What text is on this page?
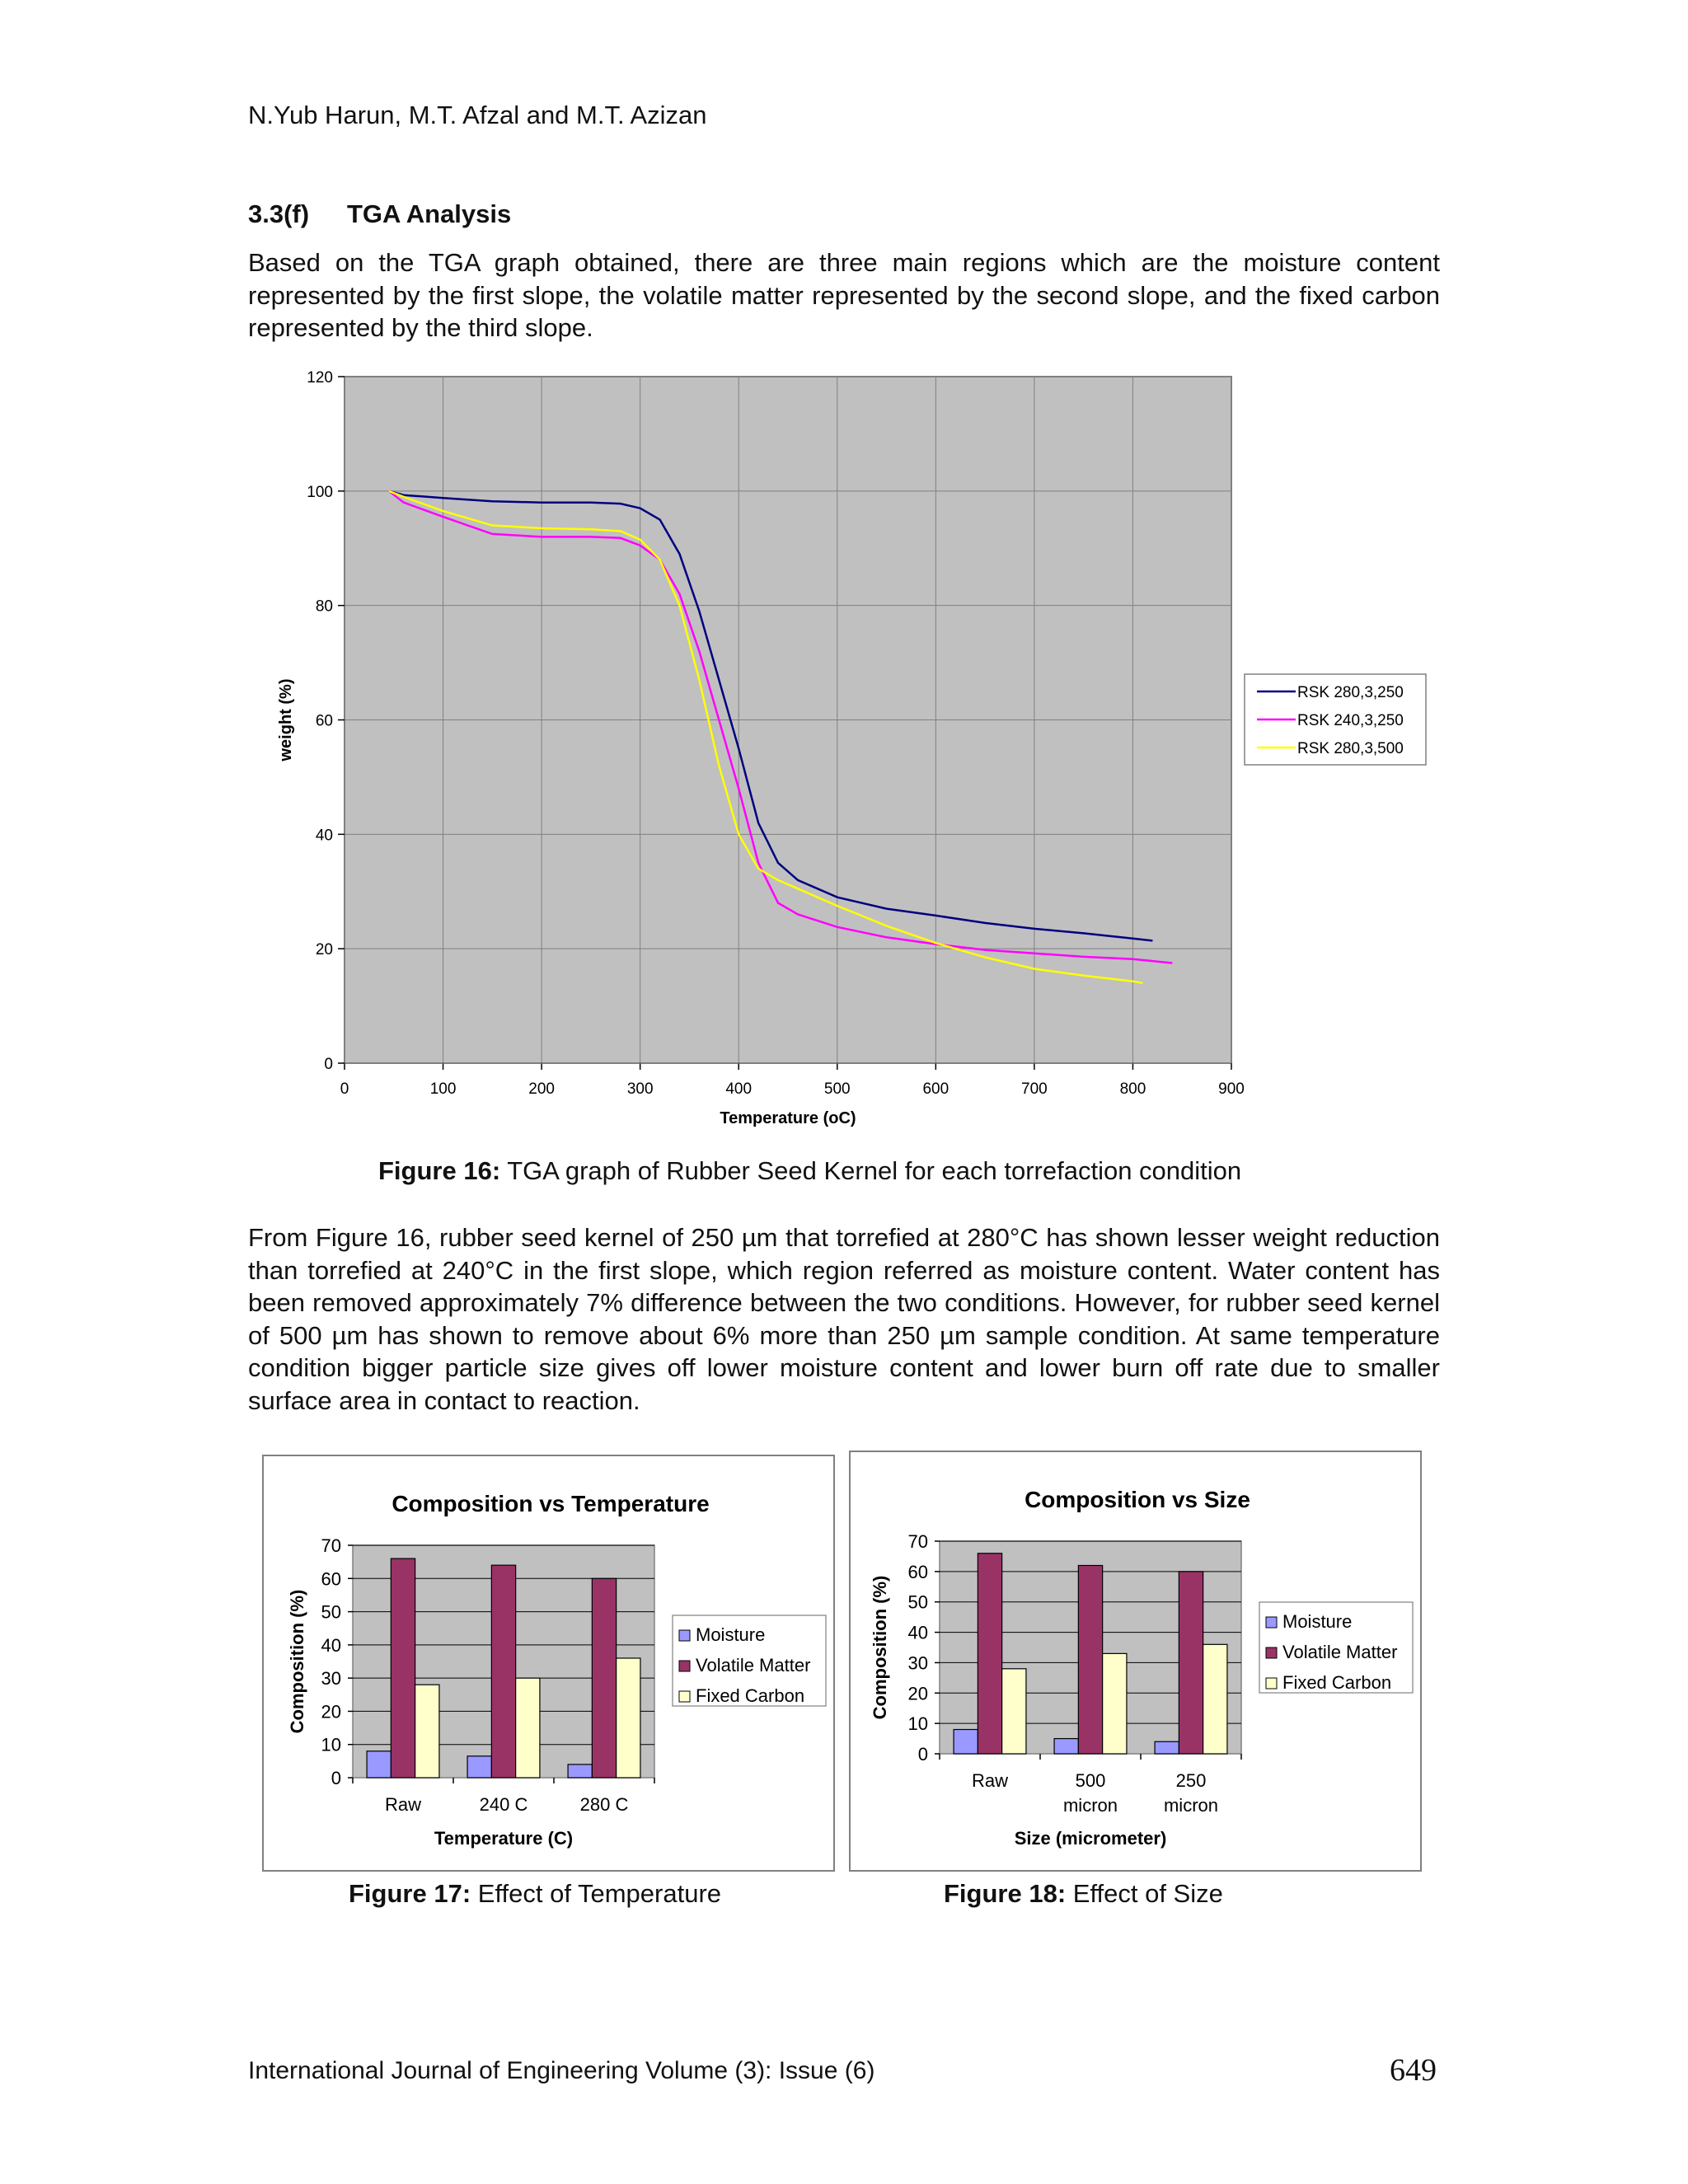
N.Yub Harun, M.T. Afzal and M.T. Azizan
3.3(f) TGA Analysis
Based on the TGA graph obtained, there are three main regions which are the moisture content represented by the first slope, the volatile matter represented by the second slope, and the fixed carbon represented by the third slope.
0	100	200	300	400	500	600	700	800	900
0
20
40
60
80
100
120
Temperature (oC)
weight (%)	RSK 280,3,250
RSK 240,3,250
RSK 280,3,500
Figure 16: TGA graph of Rubber Seed Kernel for each torrefaction condition
From Figure 16, rubber seed kernel of 250 µm that torrefied at 280°C has shown lesser weight reduction than torrefied at 240°C in the first slope, which region referred as moisture content. Water content has been removed approximately 7% difference between the two conditions. However, for rubber seed kernel of 500 µm has shown to remove about 6% more than 250 µm sample condition. At same temperature condition bigger particle size gives off lower moisture content and lower burn off rate due to smaller surface area in contact to reaction.
Composition vs Temperature
0
10
20
30
40
50
60
70
Raw	240 C	280 C
Temperature (C)
Composition (%)	Moisture
Volatile Matter
Fixed Carbon
Composition vs Size
0
10
20
30
40
50
60
70
Raw	500
micron
250
micron
Size (micrometer)
Composition (%)	Moisture
Volatile Matter
Fixed Carbon
Figure 17: Effect of Temperature	Figure 18: Effect of Size
International Journal of Engineering Volume (3): Issue (6)	649
